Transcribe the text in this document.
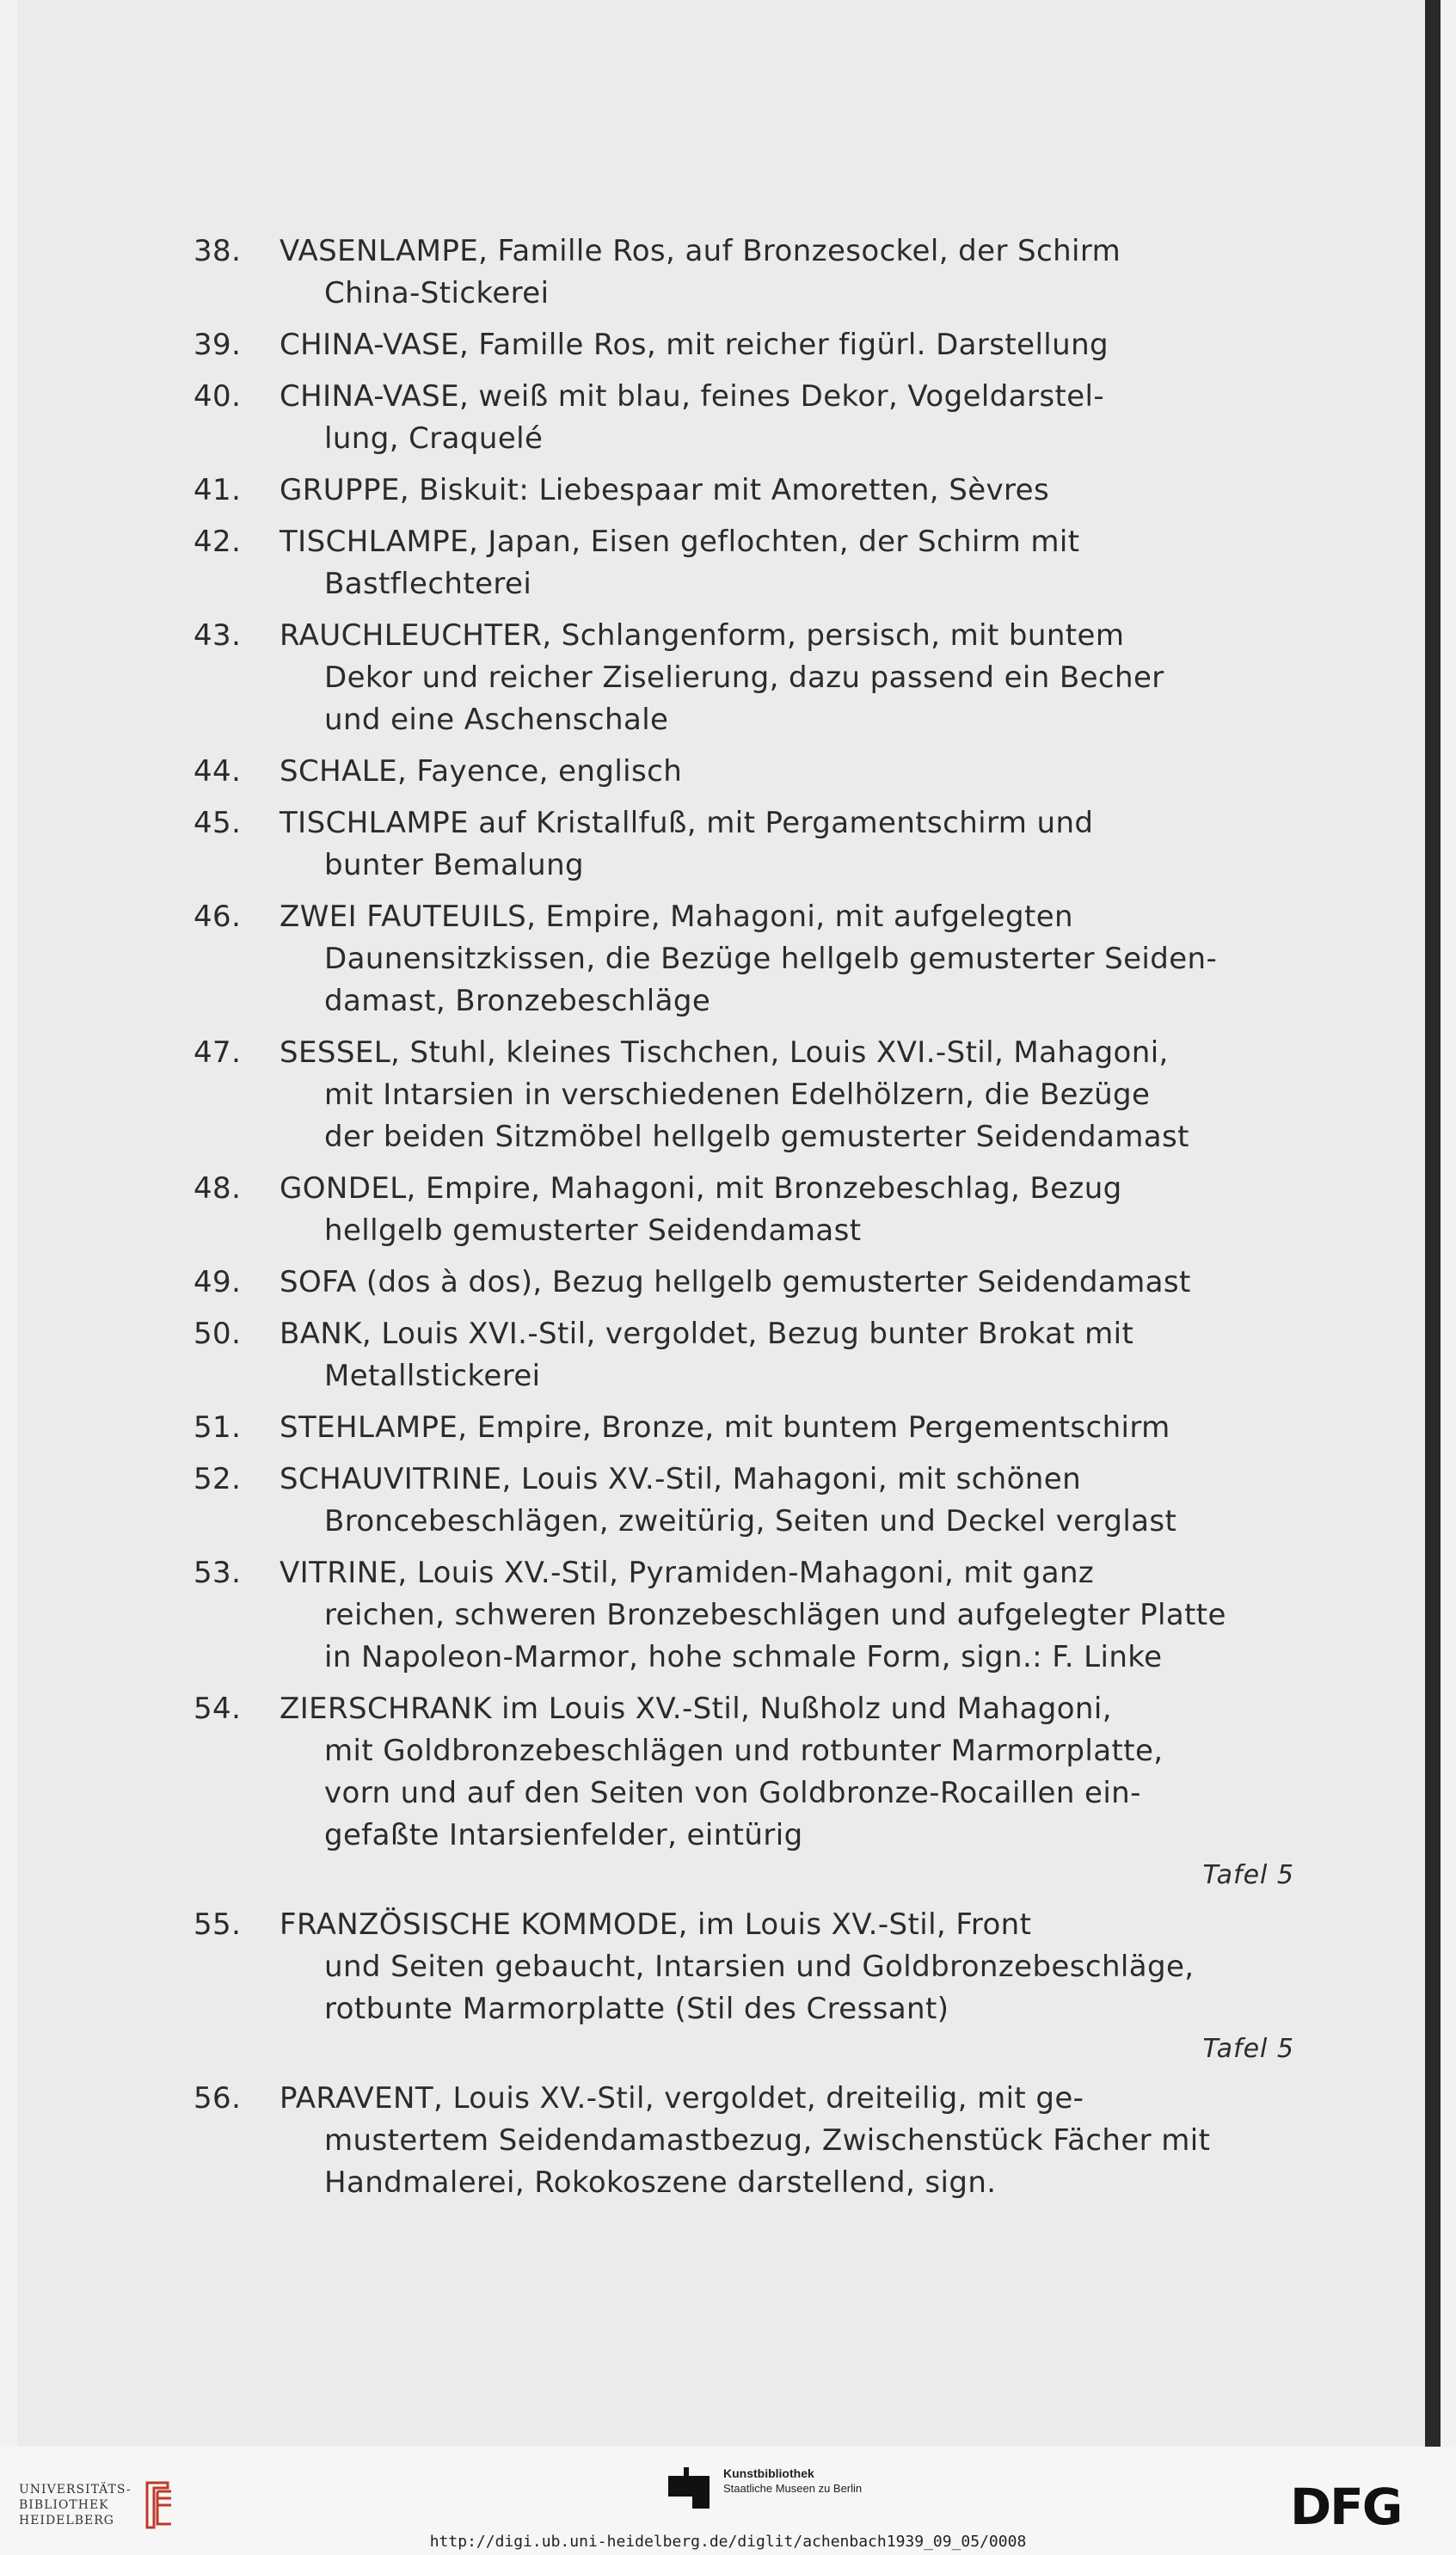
38.	VASENLAMPE, Famille Ros, auf Bronzesockel, der Schirm
China-Stickerei
39.	CHINA-VASE, Famille Ros, mit reicher figürl. Darstellung
40.	CHINA-VASE, weiß mit blau, feines Dekor, Vogeldarstel-
lung, Craquelé
41.	GRUPPE, Biskuit: Liebespaar mit Amoretten, Sèvres
42.	TISCHLAMPE, Japan, Eisen geflochten, der Schirm mit
Bastflechterei
43.	RAUCHLEUCHTER, Schlangenform, persisch, mit buntem
Dekor und reicher Ziselierung, dazu passend ein Becher
und eine Aschenschale
44.	SCHALE, Fayence, englisch
45.	TISCHLAMPE auf Kristallfuß, mit Pergamentschirm und
bunter Bemalung
46.	ZWEI FAUTEUILS, Empire, Mahagoni, mit aufgelegten
Daunensitzkissen, die Bezüge hellgelb gemusterter Seiden-
damast, Bronzebeschläge
47.	SESSEL, Stuhl, kleines Tischchen, Louis XVI.-Stil, Mahagoni,
mit Intarsien in verschiedenen Edelhölzern, die Bezüge
der beiden Sitzmöbel hellgelb gemusterter Seidendamast
48.	GONDEL, Empire, Mahagoni, mit Bronzebeschlag, Bezug
hellgelb gemusterter Seidendamast
49.	SOFA (dos à dos), Bezug hellgelb gemusterter Seidendamast
50.	BANK, Louis XVI.-Stil, vergoldet, Bezug bunter Brokat mit
Metallstickerei
51.	STEHLAMPE, Empire, Bronze, mit buntem Pergementschirm
52.	SCHAUVITRINE, Louis XV.-Stil, Mahagoni, mit schönen
Broncebeschlägen, zweitürig, Seiten und Deckel verglast
53.	VITRINE, Louis XV.-Stil, Pyramiden-Mahagoni, mit ganz
reichen, schweren Bronzebeschlägen und aufgelegter Platte
in Napoleon-Marmor, hohe schmale Form, sign.: F. Linke
54.	ZIERSCHRANK im Louis XV.-Stil, Nußholz und Mahagoni,
mit Goldbronzebeschlägen und rotbunter Marmorplatte,
vorn und auf den Seiten von Goldbronze-Rocaillen ein-
gefaßte Intarsienfelder, eintürig
Tafel 5
55.	FRANZÖSISCHE KOMMODE, im Louis XV.-Stil, Front
und Seiten gebaucht, Intarsien und Goldbronzebeschläge,
rotbunte Marmorplatte (Stil des Cressant)
Tafel 5
56.	PARAVENT, Louis XV.-Stil, vergoldet, dreiteilig, mit ge-
mustertem Seidendamastbezug, Zwischenstück Fächer mit
Handmalerei, Rokokoszene darstellend, sign.
UNIVERSITÄTS-
BIBLIOTHEK
HEIDELBERG
Kunstbibliothek
Staatliche Museen zu Berlin	DFG
http://digi.ub.uni-heidelberg.de/diglit/achenbach1939_09_05/0008
